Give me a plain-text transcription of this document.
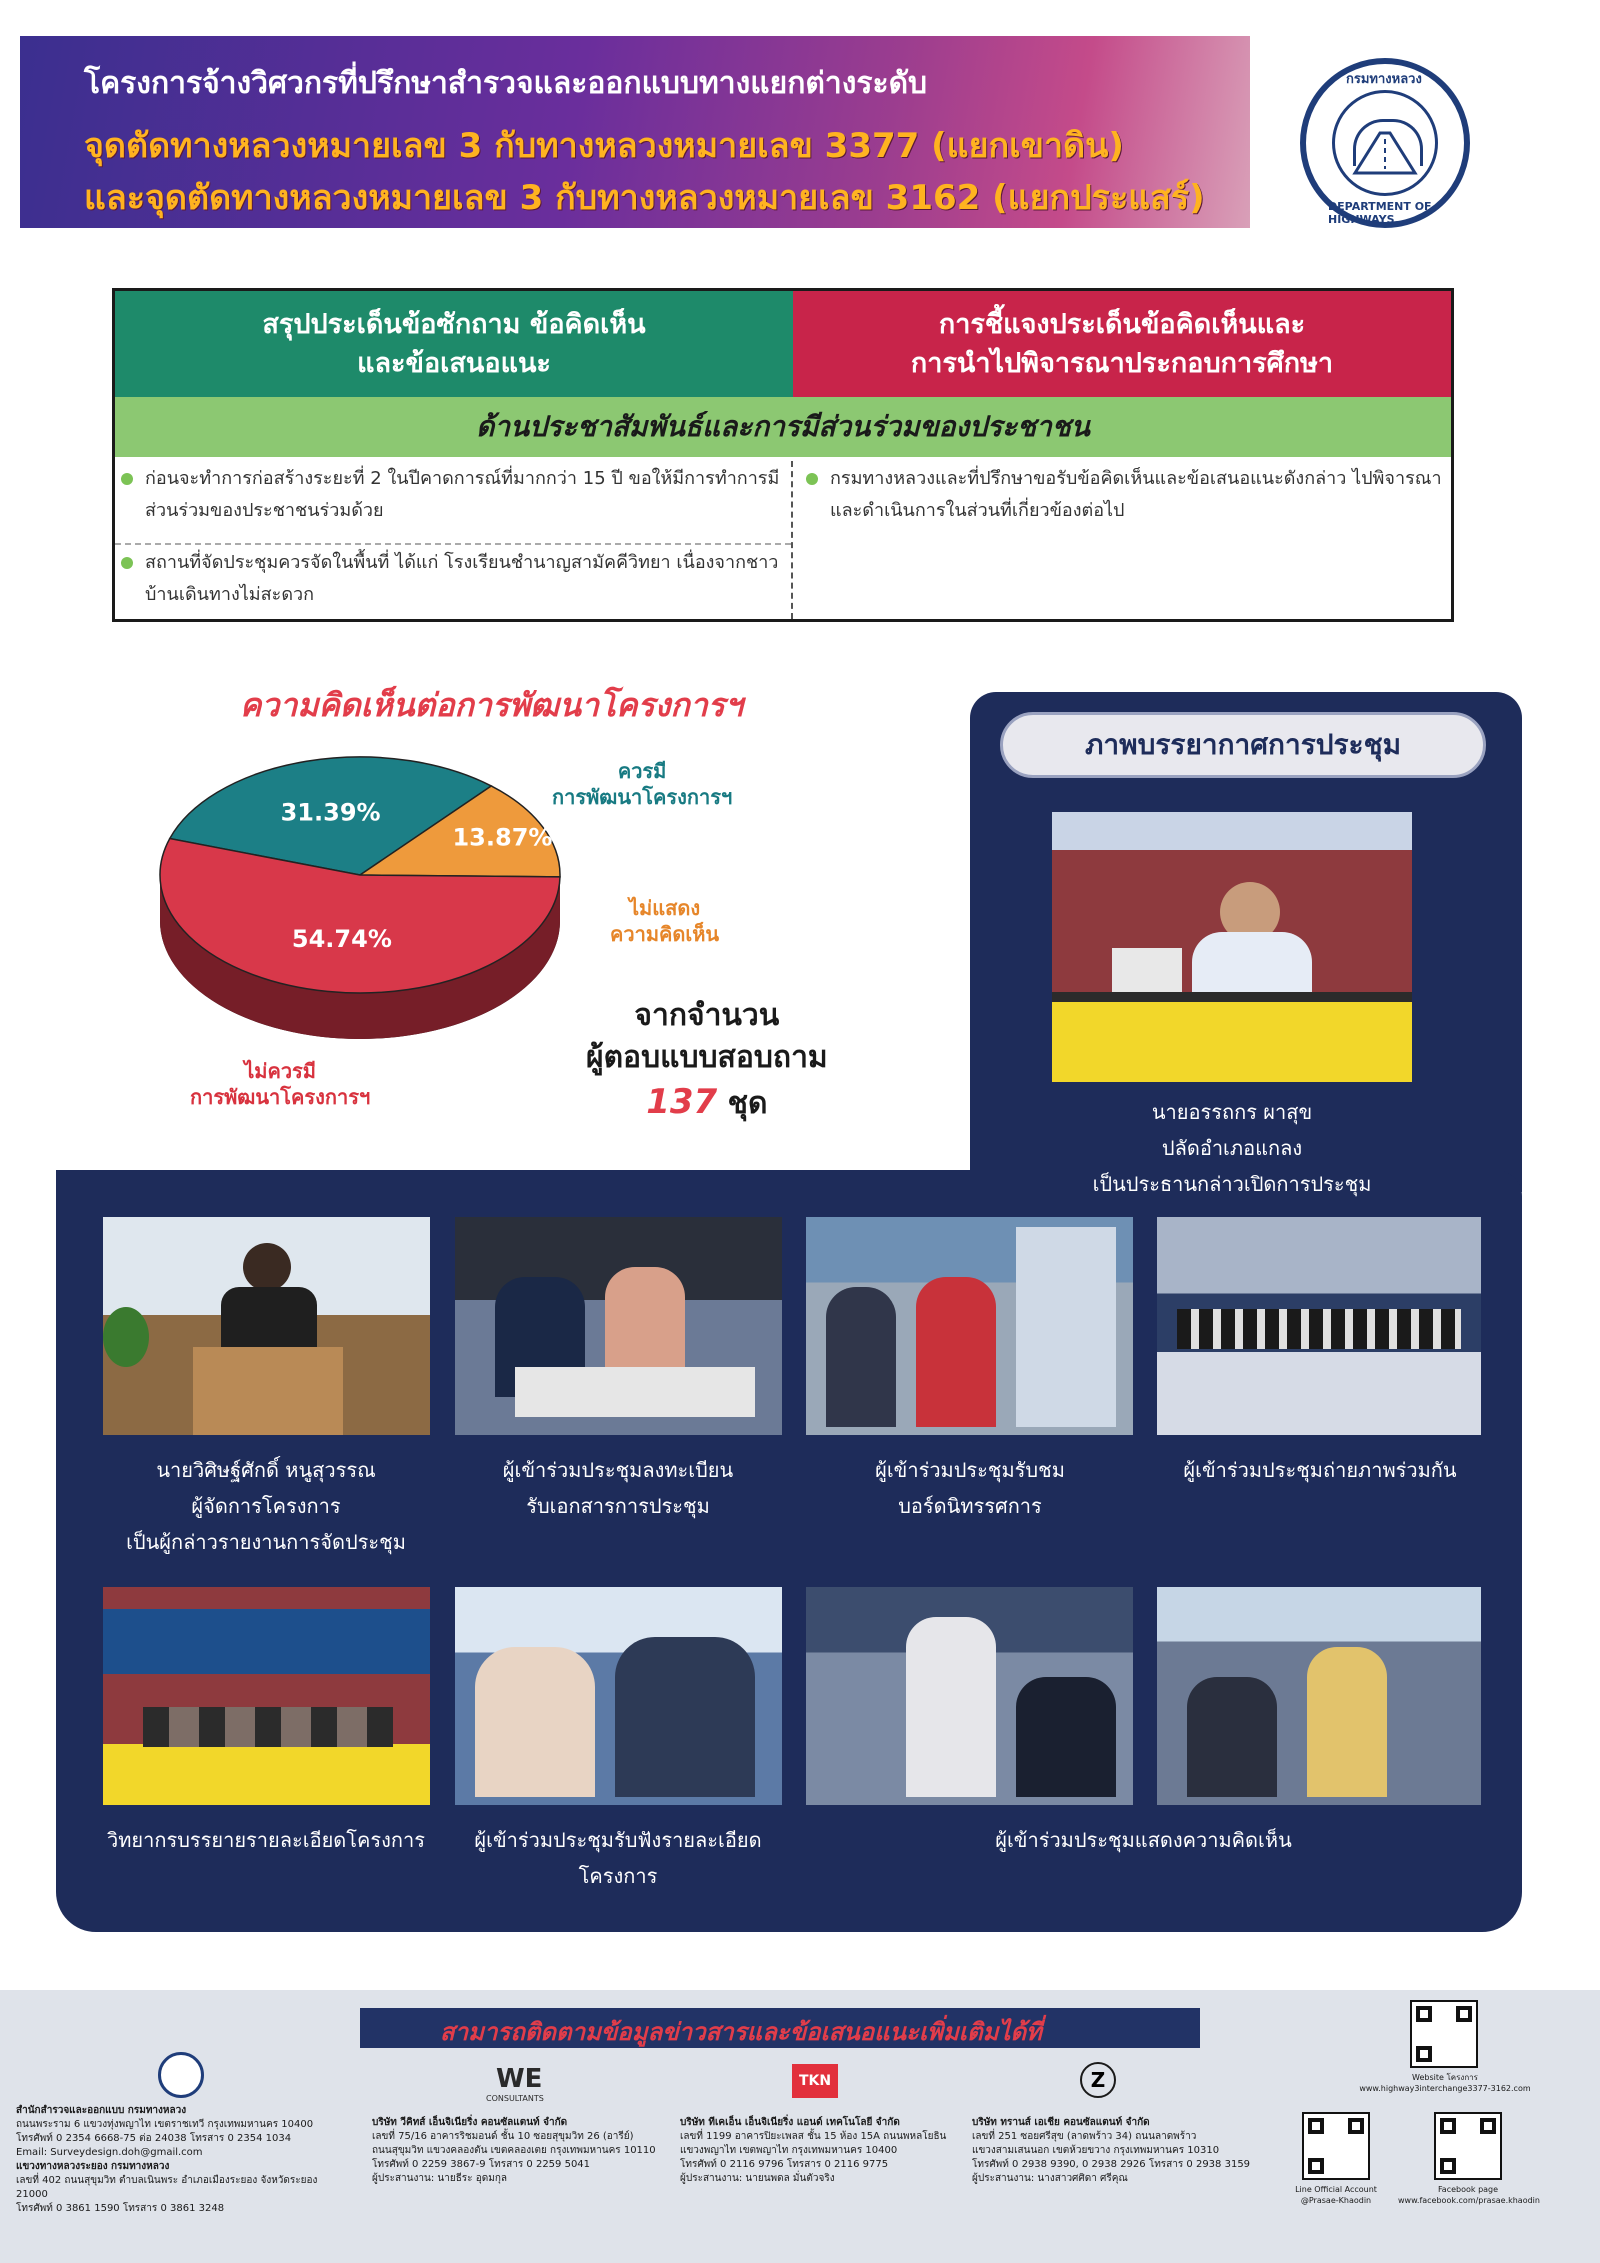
โครงการจ้างวิศวกรที่ปรึกษาสำรวจและออกแบบทางแยกต่างระดับ
จุดตัดทางหลวงหมายเลข 3 กับทางหลวงหมายเลข 3377 (แยกเขาดิน)
และจุดตัดทางหลวงหมายเลข 3 กับทางหลวงหมายเลข 3162 (แยกประแสร์)
กรมทางหลวง
DEPARTMENT OF HIGHWAYS
สรุปประเด็นข้อซักถาม ข้อคิดเห็น
และข้อเสนอแนะ
การชี้แจงประเด็นข้อคิดเห็นและ
การนำไปพิจารณาประกอบการศึกษา
ด้านประชาสัมพันธ์และการมีส่วนร่วมของประชาชน
ก่อนจะทำการก่อสร้างระยะที่ 2 ในปีคาดการณ์ที่มากกว่า 15 ปี ขอให้มีการทำการมีส่วนร่วมของประชาชนร่วมด้วย
สถานที่จัดประชุมควรจัดในพื้นที่ ได้แก่ โรงเรียนชำนาญสามัคคีวิทยา เนื่องจากชาวบ้านเดินทางไม่สะดวก
กรมทางหลวงและที่ปรึกษาขอรับข้อคิดเห็นและข้อเสนอแนะดังกล่าว ไปพิจารณา และดำเนินการในส่วนที่เกี่ยวข้องต่อไป
ความคิดเห็นต่อการพัฒนาโครงการฯ
31.39%
13.87%
54.74%
ควรมี
การพัฒนาโครงการฯ
ไม่แสดง
ความคิดเห็น
ไม่ควรมี
การพัฒนาโครงการฯ
จากจำนวน
ผู้ตอบแบบสอบถาม
137 ชุด
ภาพบรรยากาศการประชุม
นายอรรถกร ผาสุข
ปลัดอำเภอแกลง
เป็นประธานกล่าวเปิดการประชุม
นายวิศิษฐ์ศักดิ์ หนูสุวรรณ
ผู้จัดการโครงการ
เป็นผู้กล่าวรายงานการจัดประชุม
ผู้เข้าร่วมประชุมลงทะเบียน
รับเอกสารการประชุม
ผู้เข้าร่วมประชุมรับชม
บอร์ดนิทรรศการ
ผู้เข้าร่วมประชุมถ่ายภาพร่วมกัน
วิทยากรบรรยายรายละเอียดโครงการ	ผู้เข้าร่วมประชุมรับฟังรายละเอียด
โครงการ
ผู้เข้าร่วมประชุมแสดงความคิดเห็น
สามารถติดตามข้อมูลข่าวสารและข้อเสนอแนะเพิ่มเติมได้ที่
สำนักสำรวจและออกแบบ กรมทางหลวง
ถนนพระราม 6 แขวงทุ่งพญาไท เขตราชเทวี กรุงเทพมหานคร 10400
โทรศัพท์ 0 2354 6668-75 ต่อ 24038 โทรสาร 0 2354 1034
Email: Surveydesign.doh@gmail.com
แขวงทางหลวงระยอง กรมทางหลวง
เลขที่ 402 ถนนสุขุมวิท ตำบลเนินพระ อำเภอเมืองระยอง จังหวัดระยอง 21000
โทรศัพท์ 0 3861 1590 โทรสาร 0 3861 3248
WE
CONSULTANTS
บริษัท วีคิทส์ เอ็นจิเนียริ่ง คอนซัลแตนท์ จำกัด
เลขที่ 75/16 อาคารริชมอนด์ ชั้น 10 ซอยสุขุมวิท 26 (อารีย์)
ถนนสุขุมวิท แขวงคลองตัน เขตคลองเตย กรุงเทพมหานคร 10110
โทรศัพท์ 0 2259 3867-9 โทรสาร 0 2259 5041
ผู้ประสานงาน: นายธีระ อุดมกุล
TKN
บริษัท ทีเคเอ็น เอ็นจิเนียริ่ง แอนด์ เทคโนโลยี จำกัด
เลขที่ 1199 อาคารปิยะเพลส ชั้น 15 ห้อง 15A ถนนพหลโยธิน
แขวงพญาไท เขตพญาไท กรุงเทพมหานคร 10400
โทรศัพท์ 0 2116 9796 โทรสาร 0 2116 9775
ผู้ประสานงาน: นายนพดล มั่นตัวจริง
Z
บริษัท ทรานส์ เอเชีย คอนซัลแตนท์ จำกัด
เลขที่ 251 ซอยศรีสุข (ลาดพร้าว 34) ถนนลาดพร้าว
แขวงสามเสนนอก เขตห้วยขวาง กรุงเทพมหานคร 10310
โทรศัพท์ 0 2938 9390, 0 2938 2926 โทรสาร 0 2938 3159
ผู้ประสานงาน: นางสาวศศิดา ศรีคุณ
Website โครงการ
www.highway3interchange3377-3162.com
Line Official Account
@Prasae-Khaodin
Facebook page
www.facebook.com/prasae.khaodin
